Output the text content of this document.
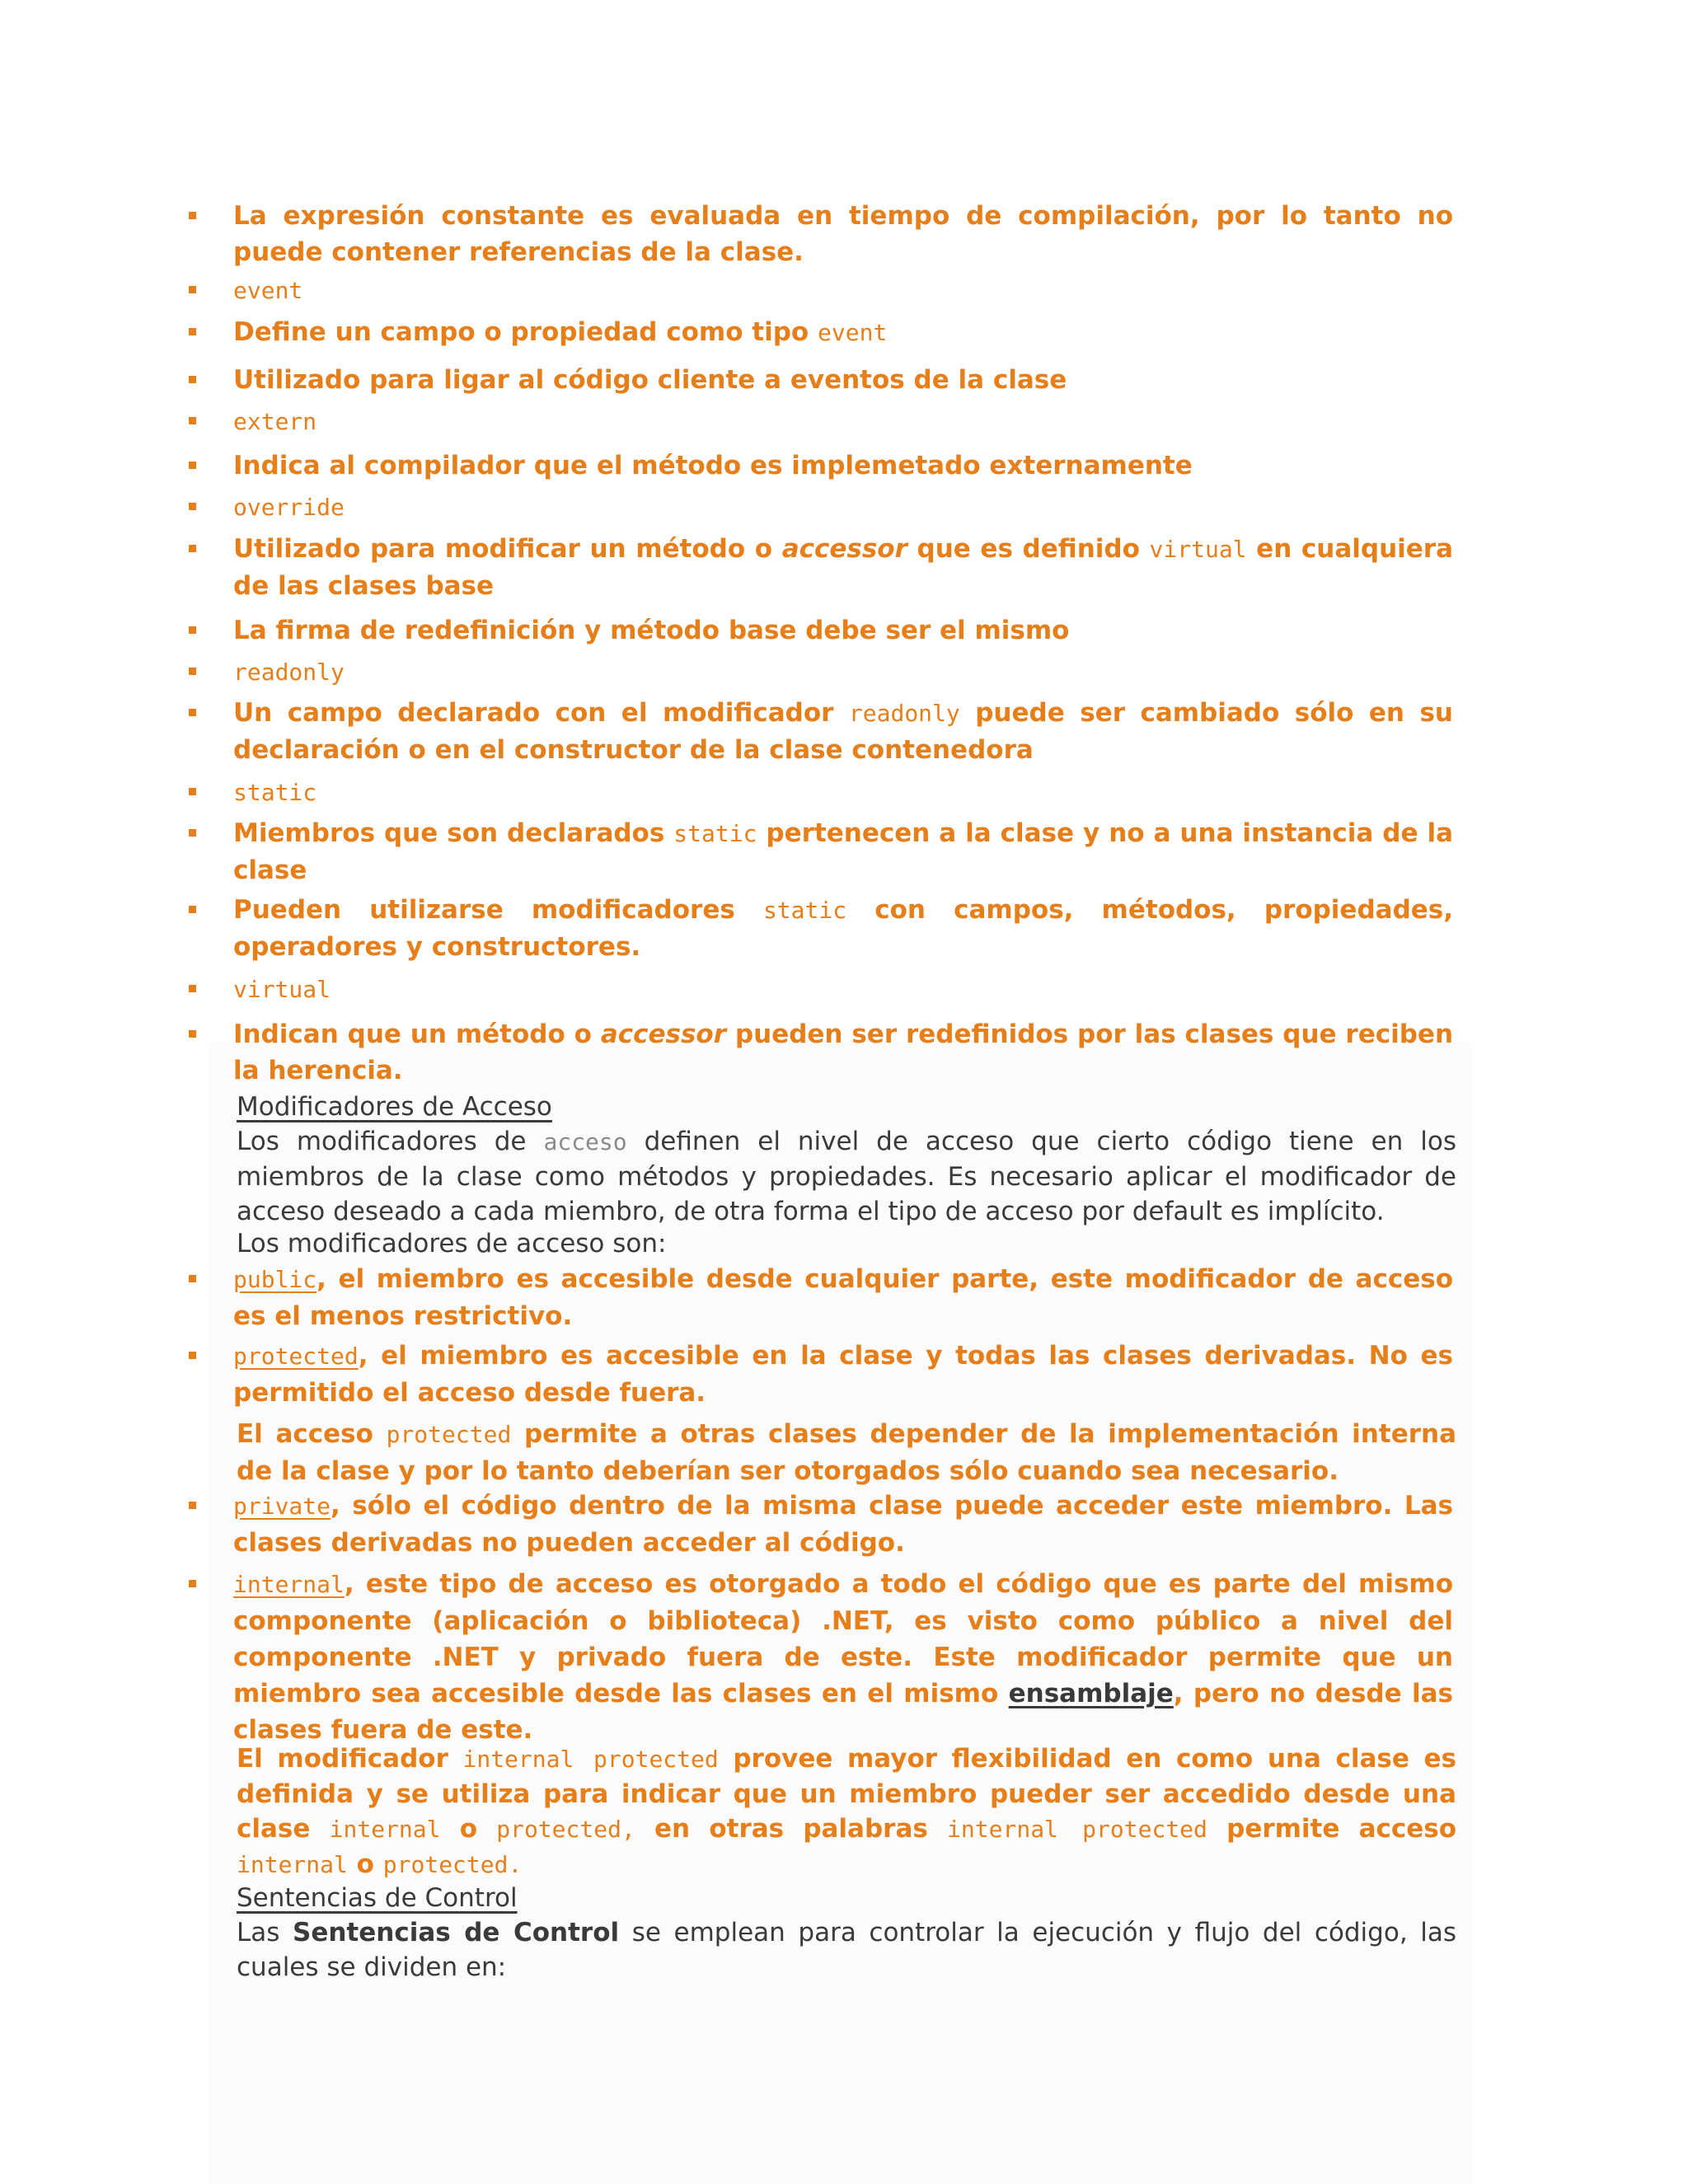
La expresión constante es evaluada en tiempo de compilación, por lo tanto no puede contener referencias de la clase.
event
Define un campo o propiedad como tipo event
Utilizado para ligar al código cliente a eventos de la clase
extern
Indica al compilador que el método es implemetado externamente
override
Utilizado para modificar un método o accessor que es definido virtual en cualquiera de las clases base
La firma de redefinición y método base debe ser el mismo
readonly
Un campo declarado con el modificador readonly puede ser cambiado sólo en su declaración o en el constructor de la clase contenedora
static
Miembros que son declarados static pertenecen a la clase y no a una instancia de la clase
Pueden utilizarse modificadores static con campos, métodos, propiedades, operadores y constructores.
virtual
Indican que un método o accessor pueden ser redefinidos por las clases que reciben la herencia.
Modificadores de Acceso
Los modificadores de acceso definen el nivel de acceso que cierto código tiene en los miembros de la clase como métodos y propiedades. Es necesario aplicar el modificador de acceso deseado a cada miembro, de otra forma el tipo de acceso por default es implícito.
Los modificadores de acceso son:
public, el miembro es accesible desde cualquier parte, este modificador de acceso es el menos restrictivo.
protected, el miembro es accesible en la clase y todas las clases derivadas. No es permitido el acceso desde fuera.
El acceso protected permite a otras clases depender de la implementación interna de la clase y por lo tanto deberían ser otorgados sólo cuando sea necesario.
private, sólo el código dentro de la misma clase puede acceder este miembro. Las clases derivadas no pueden acceder al código.
internal, este tipo de acceso es otorgado a todo el código que es parte del mismo componente (aplicación o biblioteca) .NET, es visto como público a nivel del componente .NET y privado fuera de este. Este modificador permite que un miembro sea accesible desde las clases en el mismo ensamblaje, pero no desde las clases fuera de este.
El modificador internal protected provee mayor flexibilidad en como una clase es definida y se utiliza para indicar que un miembro pueder ser accedido desde una clase internal o protected, en otras palabras internal protected permite acceso internal o protected.
Sentencias de Control
Las Sentencias de Control se emplean para controlar la ejecución y flujo del código, las cuales se dividen en:
